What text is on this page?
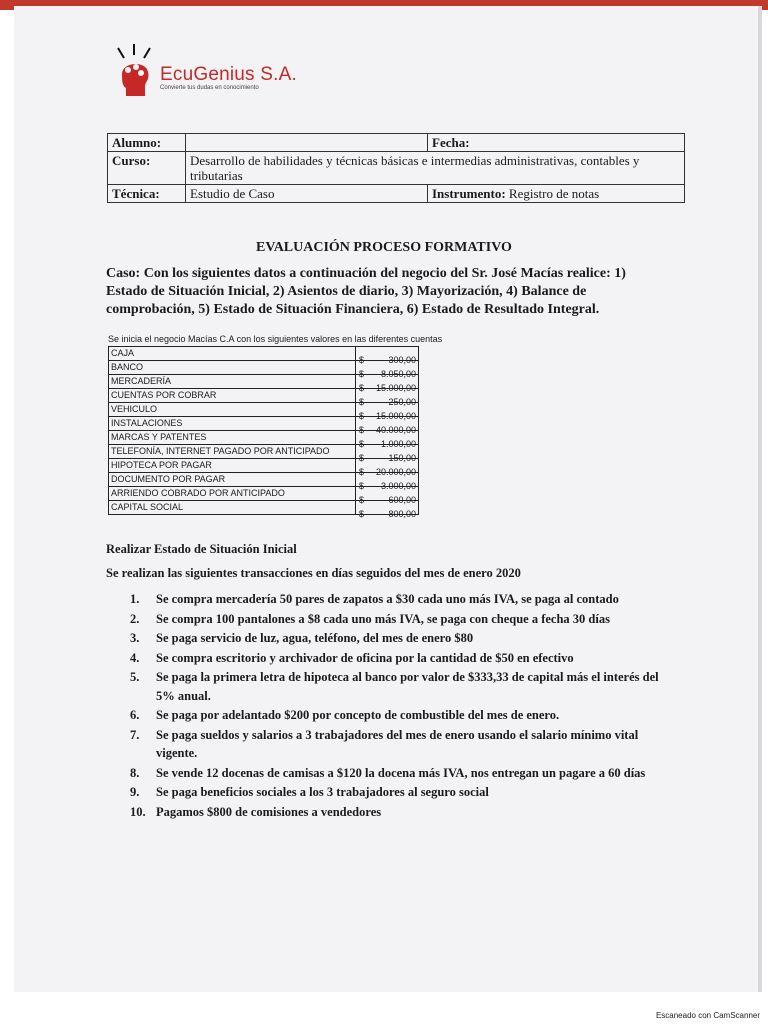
EcuGenius S.A.
Convierte tus dudas en conocimiento
Alumno:		Fecha:
Curso:	Desarrollo de habilidades y técnicas básicas e intermedias administrativas, contables y tributarias	
Técnica:	Estudio de Caso	Instrumento: Registro de notas
EVALUACIÓN PROCESO FORMATIVO
Caso: Con los siguientes datos a continuación del negocio del Sr. José Macías realice: 1) Estado de Situación Inicial, 2) Asientos de diario, 3) Mayorización, 4) Balance de comprobación, 5) Estado de Situación Financiera, 6) Estado de Resultado Integral.
Se inicia el negocio Macías C.A con los siguientes valores en las diferentes cuentas
CAJA	$ 300,00

BANCO	$ 8.050,00

MERCADERÍA	$ 15.000,00

CUENTAS POR COBRAR	$ 250,00

VEHICULO	$ 15.000,00

INSTALACIONES	$ 40.000,00

MARCAS Y PATENTES	$ 1.000,00

TELEFONÍA, INTERNET PAGADO POR ANTICIPADO	$ 150,00

HIPOTECA POR PAGAR	$ 20.000,00

DOCUMENTO POR PAGAR	$ 3.000,00

ARRIENDO COBRADO POR ANTICIPADO	$ 600,00

CAPITAL SOCIAL	$ 800,00
Realizar Estado de Situación Inicial
Se realizan las siguientes transacciones en días seguidos del mes de enero 2020
1.	Se compra mercadería 50 pares de zapatos a $30 cada uno más IVA, se paga al contado
2.	Se compra 100 pantalones a $8 cada uno más IVA, se paga con cheque a fecha 30 días
3.	Se paga servicio de luz, agua, teléfono, del mes de enero $80
4.	Se compra escritorio y archivador de oficina por la cantidad de $50 en efectivo
5.	Se paga la primera letra de hipoteca al banco por valor de $333,33 de capital más el interés del 5% anual.
6.	Se paga por adelantado $200 por concepto de combustible del mes de enero.
7.	Se paga sueldos y salarios a 3 trabajadores del mes de enero usando el salario mínimo vital vigente.
8.	Se vende 12 docenas de camisas a $120 la docena más IVA, nos entregan un pagare a 60 días
9.	Se paga beneficios sociales a los 3 trabajadores al seguro social
10. Pagamos $800 de comisiones a vendedores
Escaneado con CamScanner
